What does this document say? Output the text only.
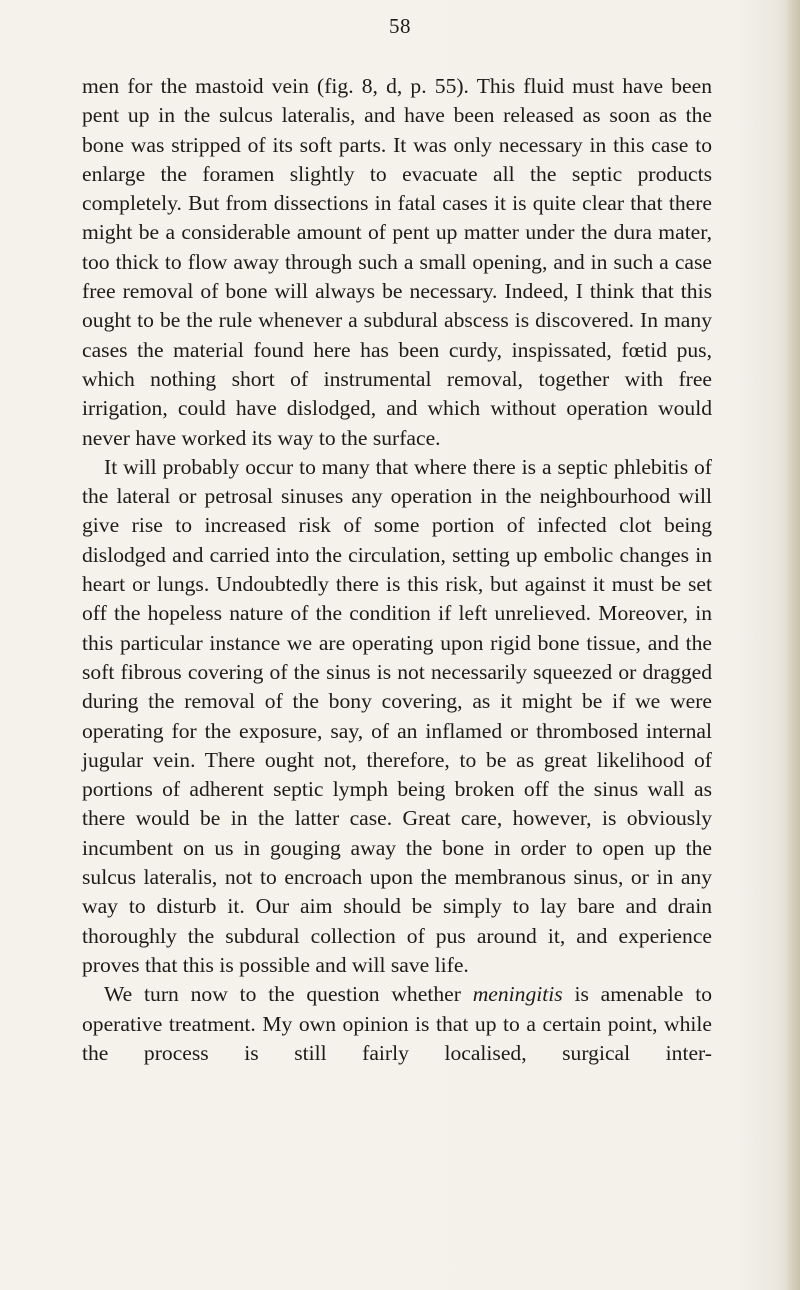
58

men for the mastoid vein (fig. 8, d, p. 55). This fluid must have been pent up in the sulcus lateralis, and have been released as soon as the bone was stripped of its soft parts. It was only necessary in this case to enlarge the foramen slightly to evacuate all the septic products completely. But from dissections in fatal cases it is quite clear that there might be a considerable amount of pent up matter under the dura mater, too thick to flow away through such a small opening, and in such a case free removal of bone will always be necessary. Indeed, I think that this ought to be the rule whenever a subdural abscess is discovered. In many cases the material found here has been curdy, inspissated, fœtid pus, which nothing short of instrumental removal, together with free irrigation, could have dislodged, and which without operation would never have worked its way to the surface.

It will probably occur to many that where there is a septic phlebitis of the lateral or petrosal sinuses any operation in the neighbourhood will give rise to increased risk of some portion of infected clot being dislodged and carried into the circulation, setting up embolic changes in heart or lungs. Undoubtedly there is this risk, but against it must be set off the hopeless nature of the condition if left unrelieved. Moreover, in this particular instance we are operating upon rigid bone tissue, and the soft fibrous covering of the sinus is not necessarily squeezed or dragged during the removal of the bony covering, as it might be if we were operating for the exposure, say, of an inflamed or thrombosed internal jugular vein. There ought not, therefore, to be as great likelihood of portions of adherent septic lymph being broken off the sinus wall as there would be in the latter case. Great care, however, is obviously incumbent on us in gouging away the bone in order to open up the sulcus lateralis, not to encroach upon the membranous sinus, or in any way to disturb it. Our aim should be simply to lay bare and drain thoroughly the subdural collection of pus around it, and experience proves that this is possible and will save life.

We turn now to the question whether meningitis is amenable to operative treatment. My own opinion is that up to a certain point, while the process is still fairly localised, surgical inter-
